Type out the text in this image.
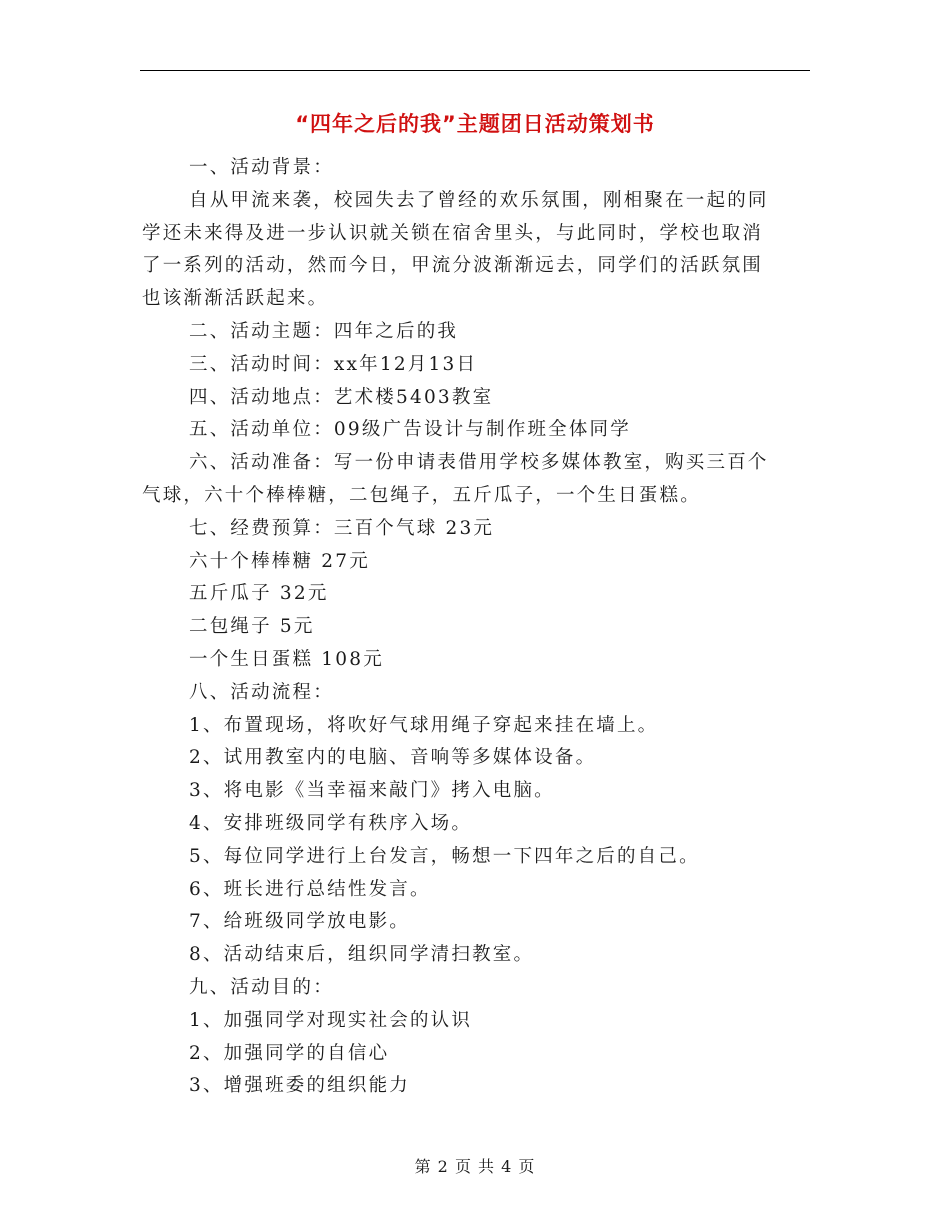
“四年之后的我”主题团日活动策划书

一、活动背景：

自从甲流来袭，校园失去了曾经的欢乐氛围，刚相聚在一起的同

学还未来得及进一步认识就关锁在宿舍里头，与此同时，学校也取消

了一系列的活动，然而今日，甲流分波渐渐远去，同学们的活跃氛围

也该渐渐活跃起来。

二、活动主题：四年之后的我

三、活动时间：xx年12月13日

四、活动地点：艺术楼5403教室

五、活动单位：09级广告设计与制作班全体同学

六、活动准备：写一份申请表借用学校多媒体教室，购买三百个

气球，六十个棒棒糖，二包绳子，五斤瓜子，一个生日蛋糕。

七、经费预算：三百个气球 23元

六十个棒棒糖 27元

五斤瓜子 32元

二包绳子 5元

一个生日蛋糕 108元

八、活动流程：

1、布置现场，将吹好气球用绳子穿起来挂在墙上。

2、试用教室内的电脑、音响等多媒体设备。

3、将电影《当幸福来敲门》拷入电脑。

4、安排班级同学有秩序入场。

5、每位同学进行上台发言，畅想一下四年之后的自己。

6、班长进行总结性发言。

7、给班级同学放电影。

8、活动结束后，组织同学清扫教室。

九、活动目的：

1、加强同学对现实社会的认识

2、加强同学的自信心

3、增强班委的组织能力

第 2 页 共 4 页
